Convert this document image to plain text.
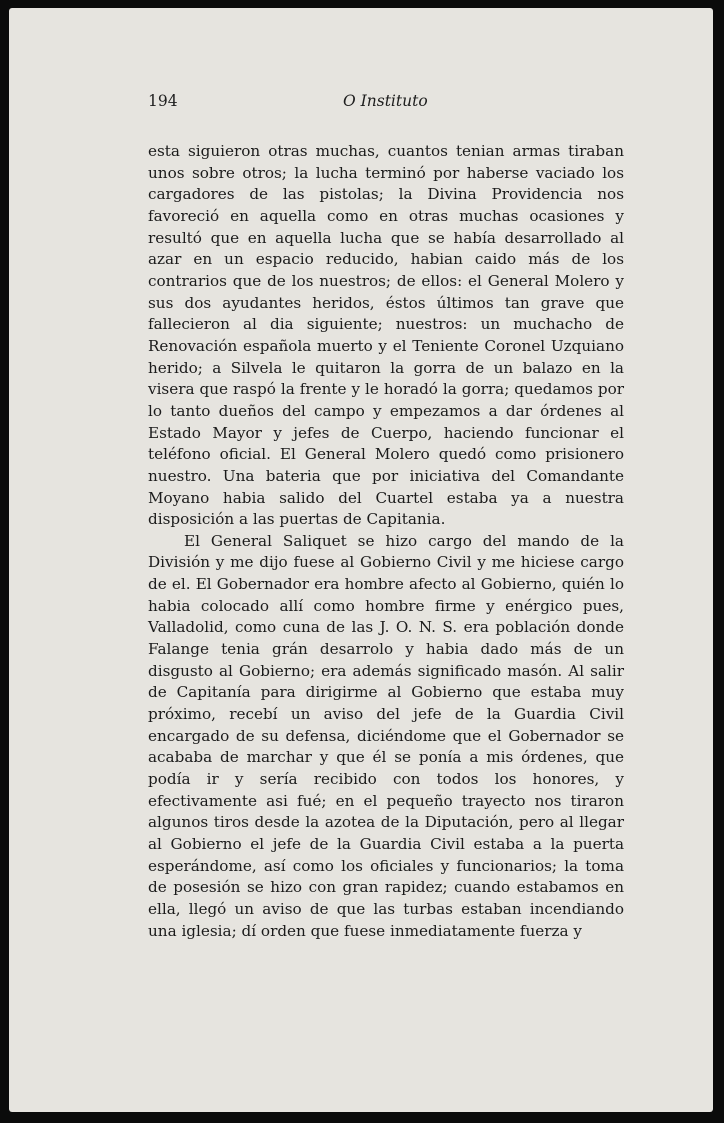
194	O Instituto

esta siguieron otras muchas, cuantos tenian armas tiraban unos sobre otros; la lucha terminó por haberse vaciado los cargadores de las pistolas; la Divina Providencia nos favoreció en aquella como en otras muchas ocasiones y resultó que en aquella lucha que se había desarrollado al azar en un espacio reducido, habian caido más de los contrarios que de los nuestros; de ellos: el General Molero y sus dos ayudantes heridos, éstos últimos tan grave que fallecieron al dia siguiente; nuestros: un muchacho de Renovación española muerto y el Teniente Coronel Uzquiano herido; a Silvela le quitaron la gorra de un balazo en la visera que raspó la frente y le horadó la gorra; quedamos por lo tanto dueños del campo y empezamos a dar órdenes al Estado Mayor y jefes de Cuerpo, haciendo funcionar el teléfono oficial. El General Molero quedó como prisionero nuestro. Una bateria que por iniciativa del Comandante Moyano habia salido del Cuartel estaba ya a nuestra disposición a las puertas de Capitania.

El General Saliquet se hizo cargo del mando de la División y me dijo fuese al Gobierno Civil y me hiciese cargo de el. El Gobernador era hombre afecto al Gobierno, quién lo habia colocado allí como hombre firme y enérgico pues, Valladolid, como cuna de las J. O. N. S. era población donde Falange tenia grán desarrolo y habia dado más de un disgusto al Gobierno; era además significado masón. Al salir de Capitanía para dirigirme al Gobierno que estaba muy próximo, recebí un aviso del jefe de la Guardia Civil encargado de su defensa, diciéndome que el Gobernador se acababa de marchar y que él se ponía a mis órdenes, que podía ir y sería recibido con todos los honores, y efectivamente asi fué; en el pequeño trayecto nos tiraron algunos tiros desde la azotea de la Diputación, pero al llegar al Gobierno el jefe de la Guardia Civil estaba a la puerta esperándome, así como los oficiales y funcionarios; la toma de posesión se hizo con gran rapidez; cuando estabamos en ella, llegó un aviso de que las turbas estaban incendiando una iglesia; dí orden que fuese inmediatamente fuerza y
